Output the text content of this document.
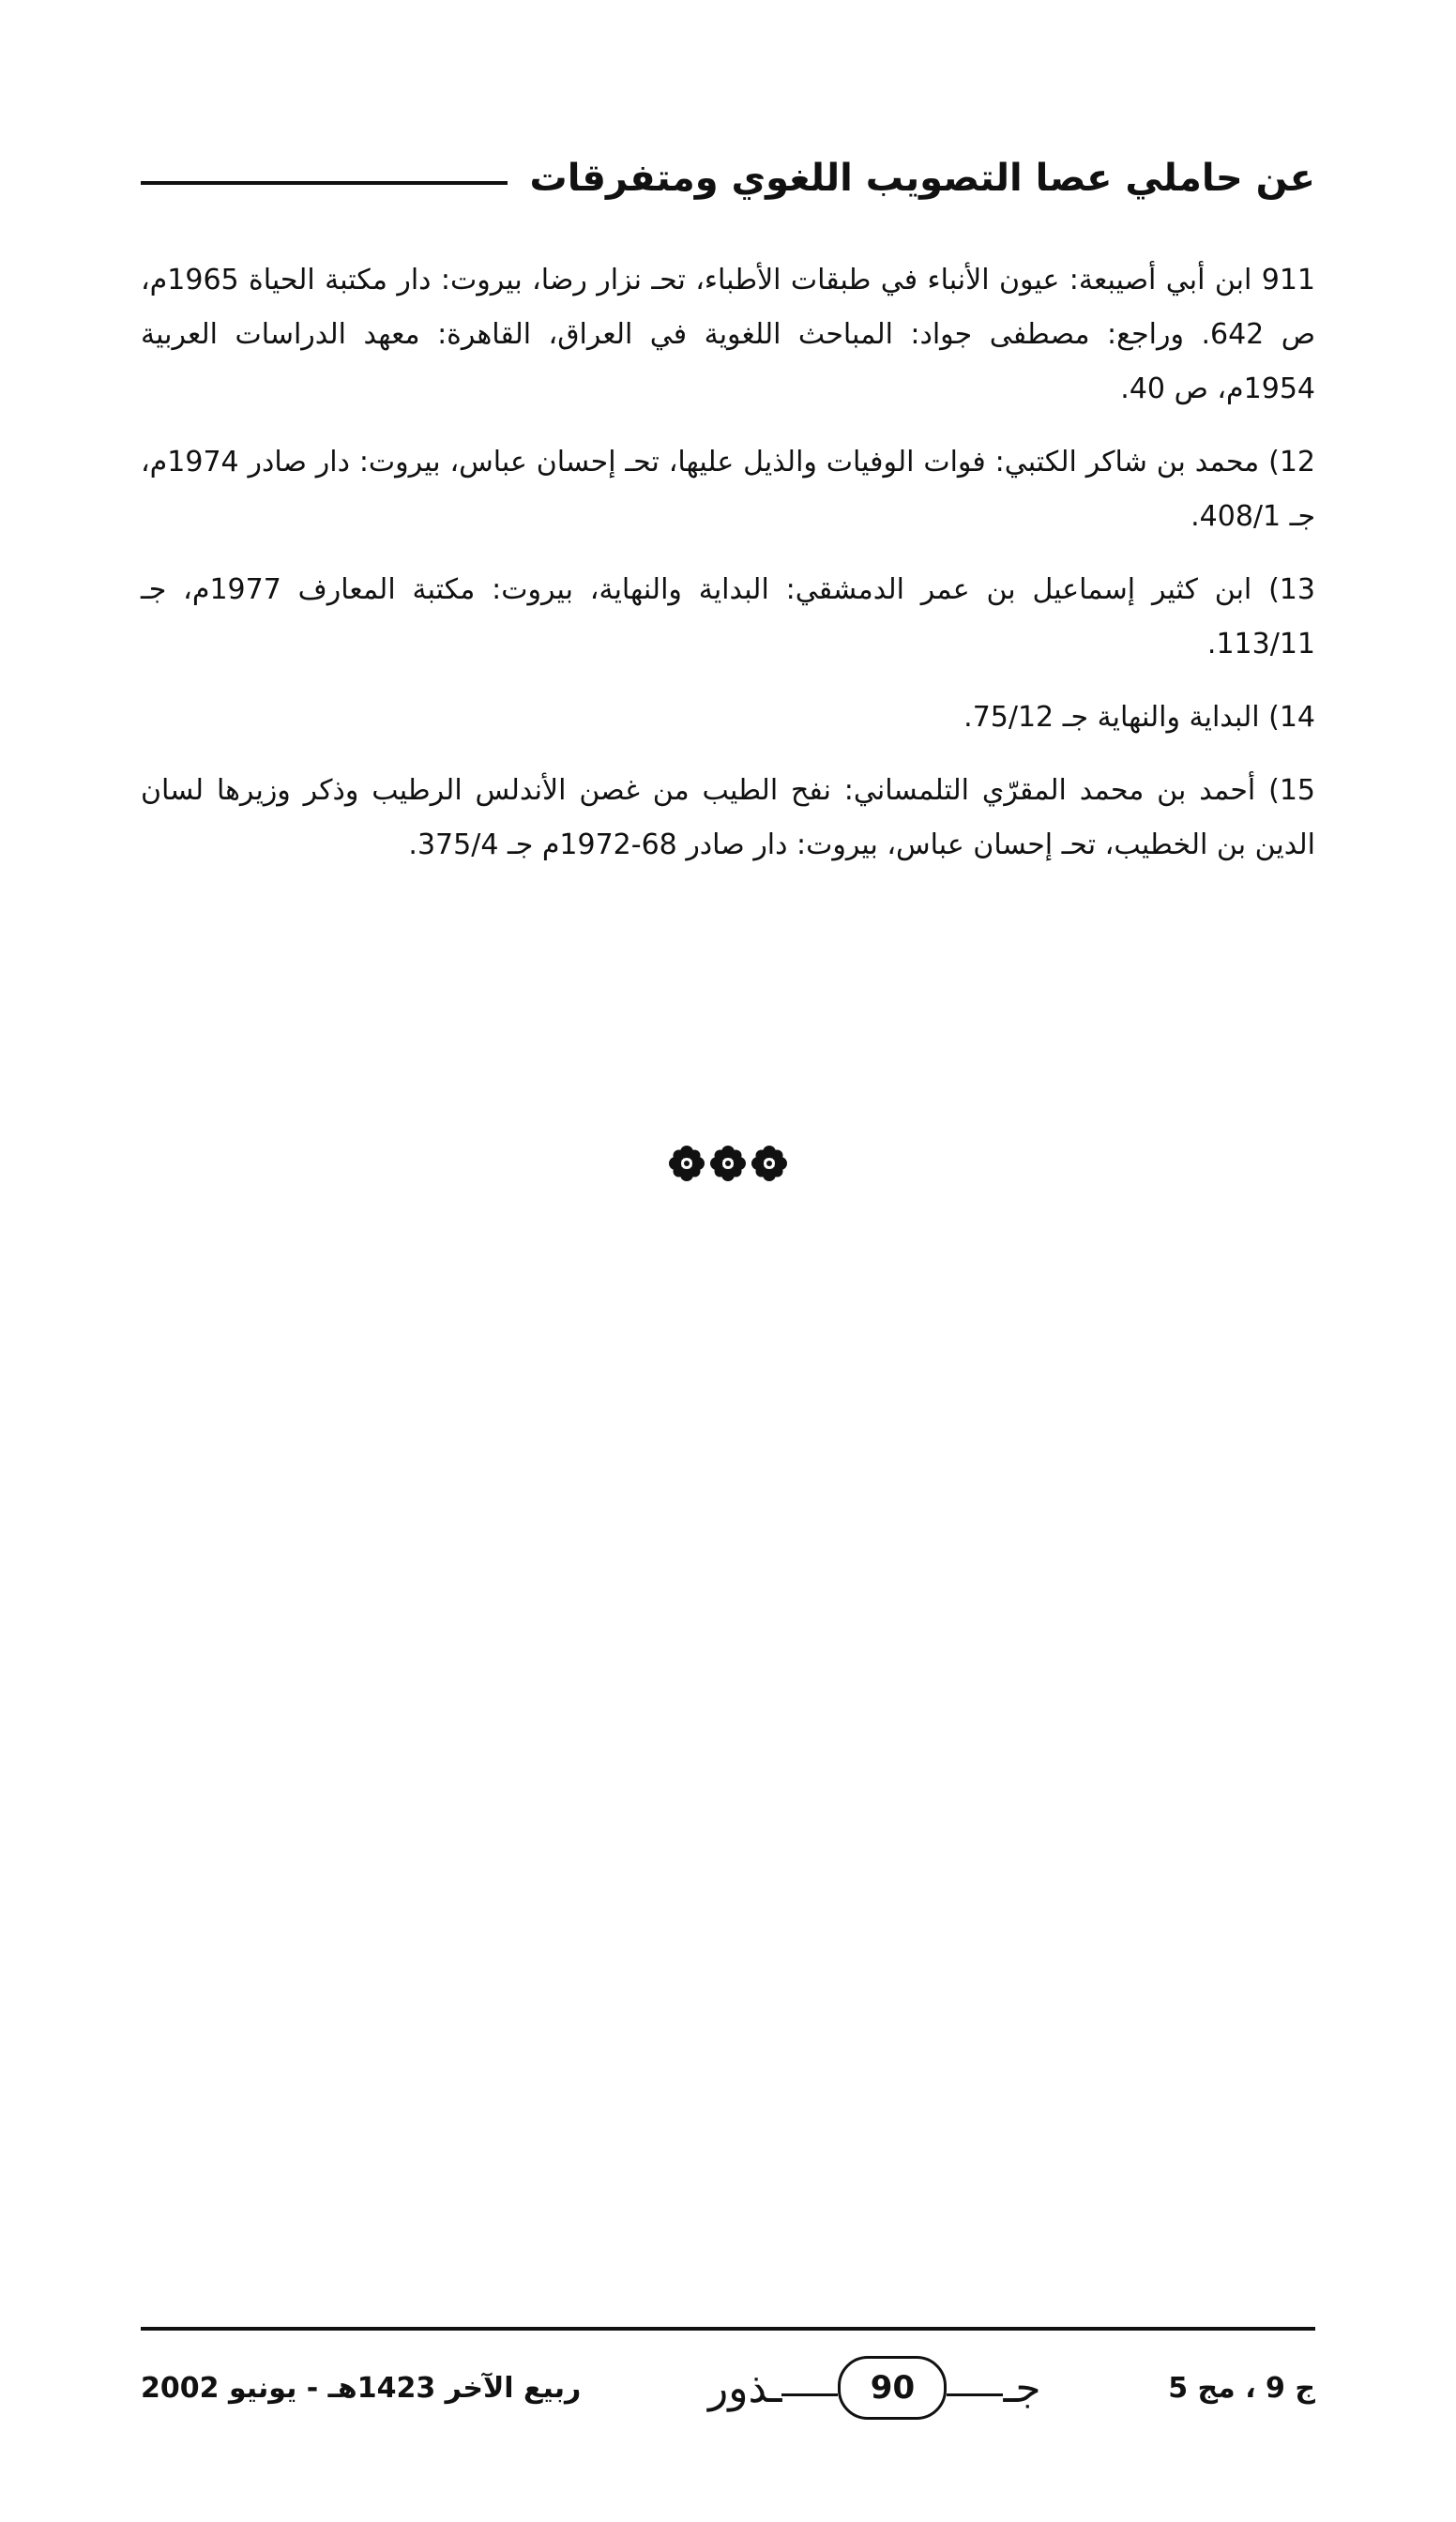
عن حاملي عصا التصويب اللغوي ومتفرقات

911 ابن أبي أصيبعة: عيون الأنباء في طبقات الأطباء، تحـ نزار رضا، بيروت: دار مكتبة الحياة 1965م، ص 642. وراجع: مصطفى جواد: المباحث اللغوية في العراق، القاهرة: معهد الدراسات العربية 1954م، ص 40.

12) محمد بن شاكر الكتبي: فوات الوفيات والذيل عليها، تحـ إحسان عباس، بيروت: دار صادر 1974م، جـ 408/1.

13) ابن كثير إسماعيل بن عمر الدمشقي: البداية والنهاية، بيروت: مكتبة المعارف 1977م، جـ 113/11.

14) البداية والنهاية جـ 75/12.

15) أحمد بن محمد المقرّي التلمساني: نفح الطيب من غصن الأندلس الرطيب وذكر وزيرها لسان الدين بن الخطيب، تحـ إحسان عباس، بيروت: دار صادر 68-1972م جـ 375/4.

ج 9 ، مج 5
جـ
90
ـذور
ربيع الآخر 1423هـ - يونيو 2002
